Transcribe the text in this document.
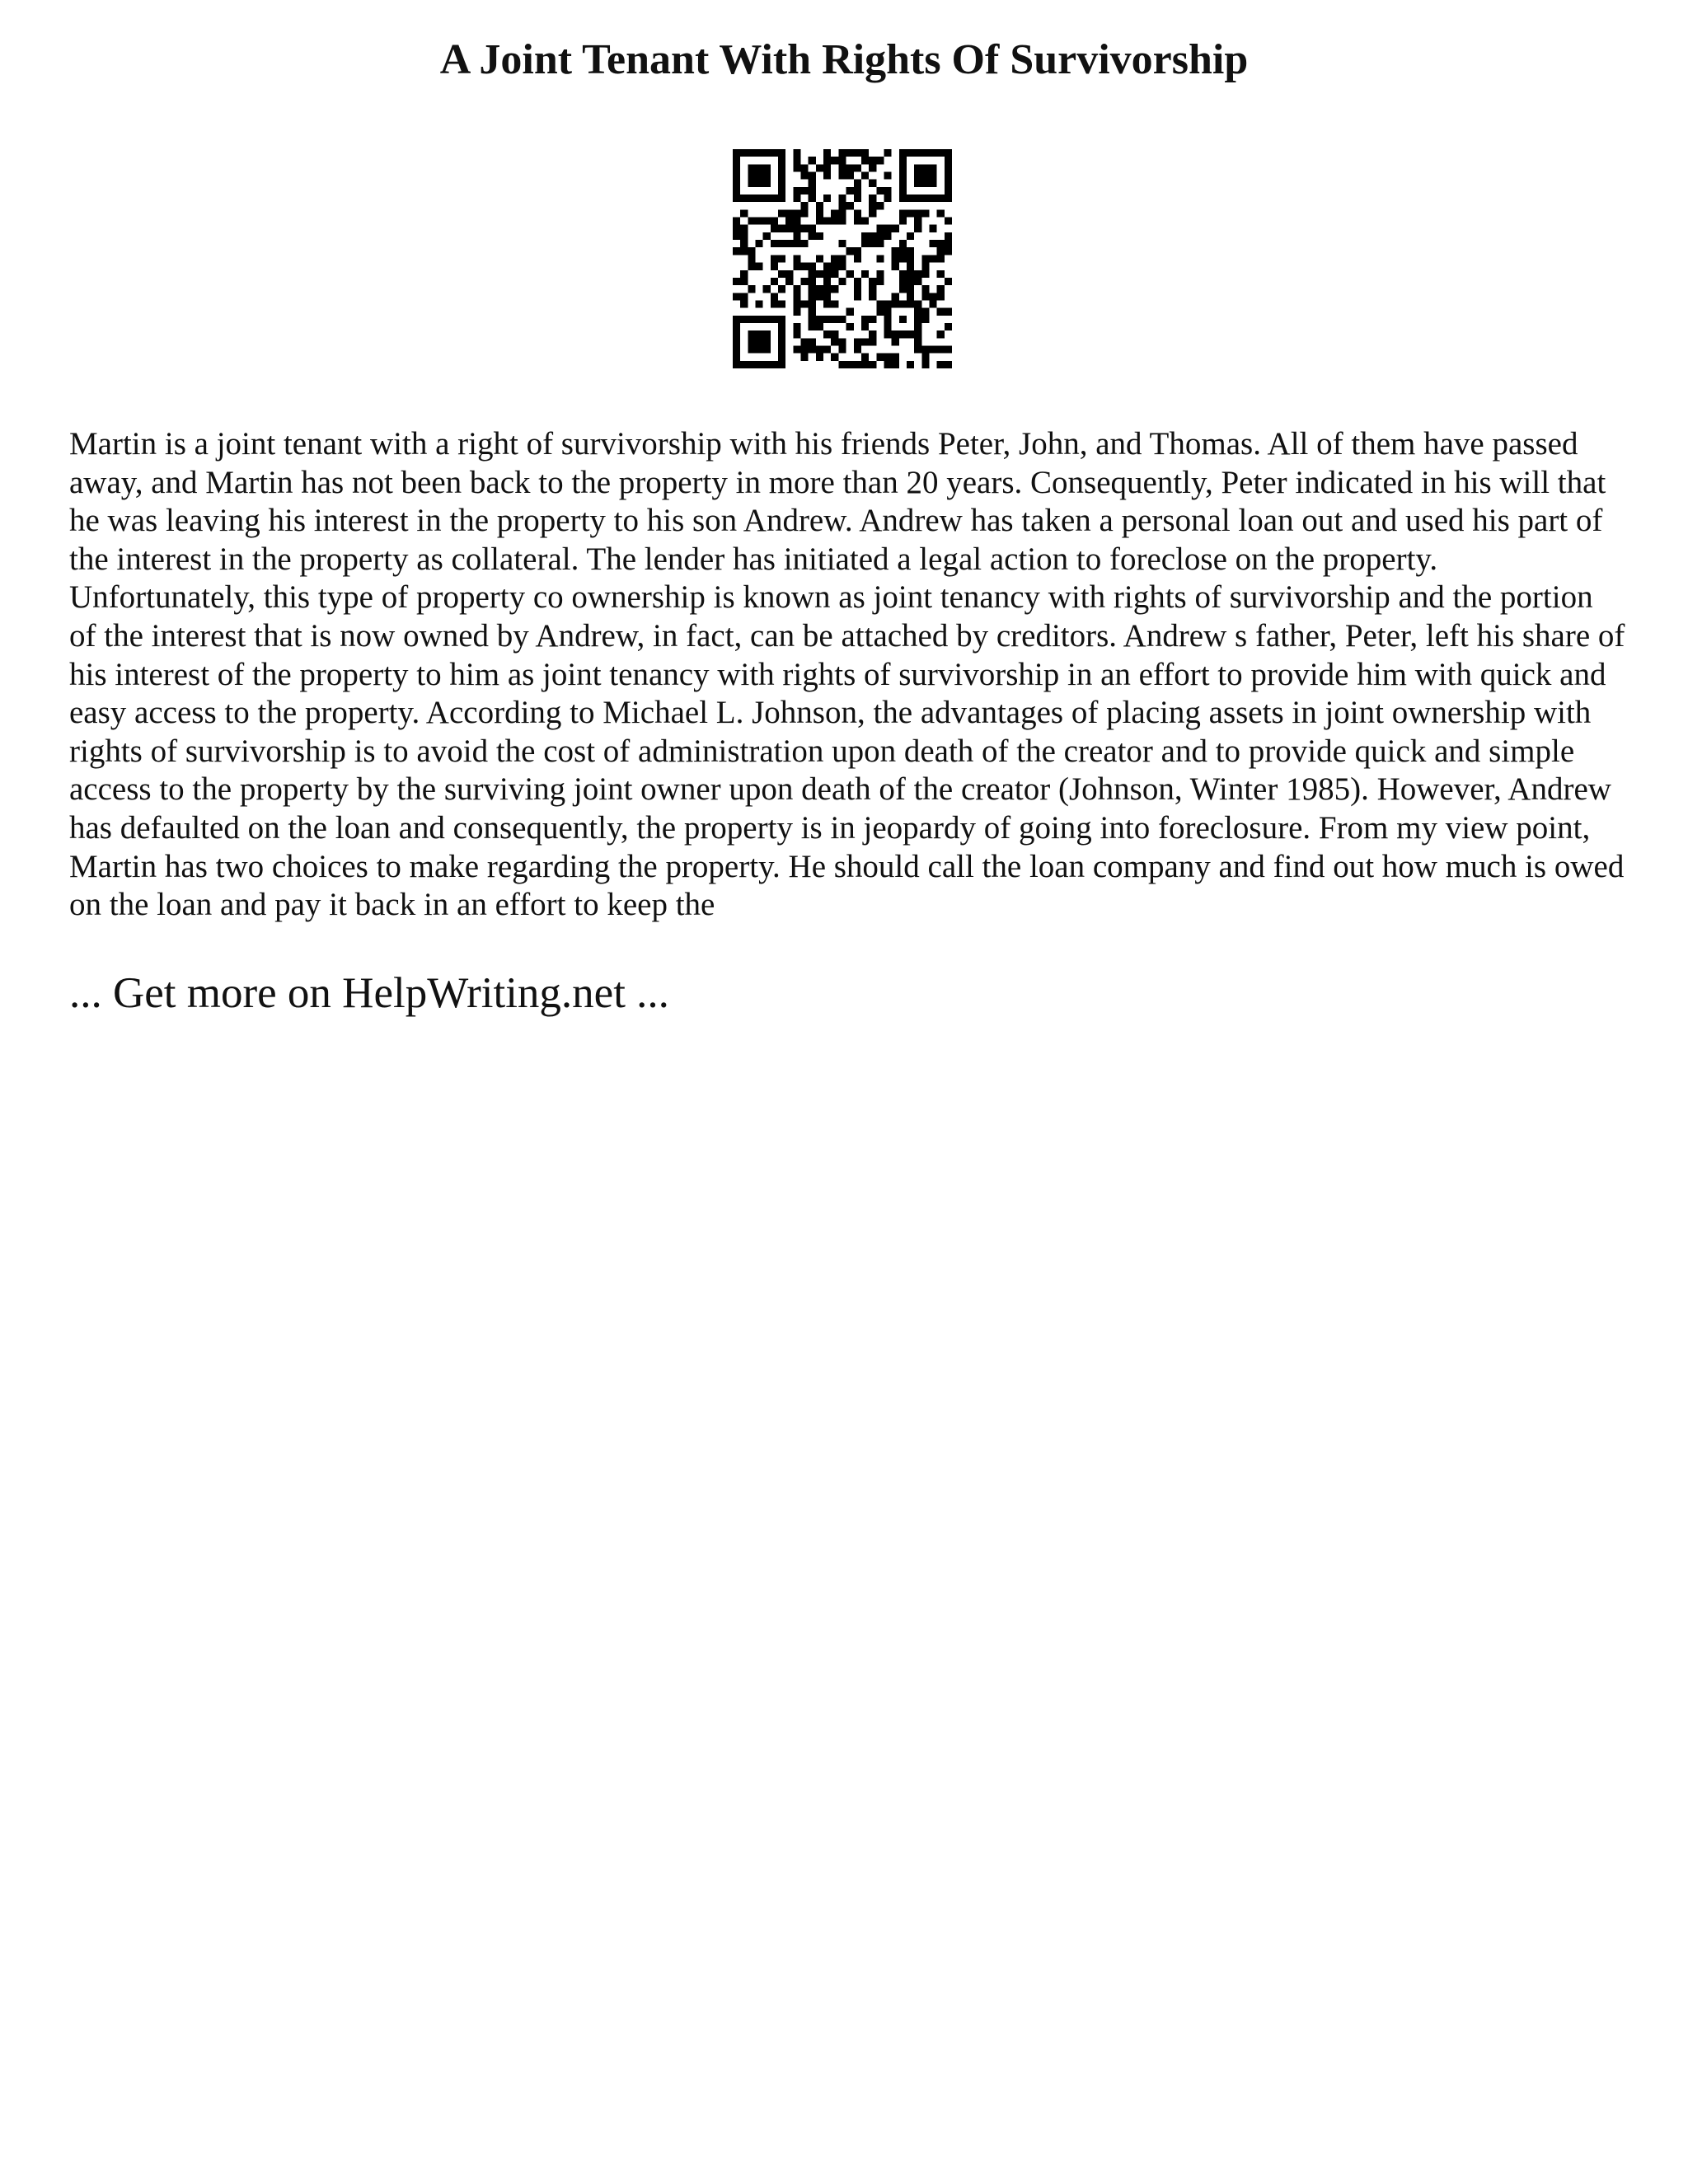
A Joint Tenant With Rights Of Survivorship

Martin is a joint tenant with a right of survivorship with his friends Peter, John, and Thomas. All of them have passed away, and Martin has not been back to the property in more than 20 years. Consequently, Peter indicated in his will that he was leaving his interest in the property to his son Andrew. Andrew has taken a personal loan out and used his part of the interest in the property as collateral. The lender has initiated a legal action to foreclose on the property. Unfortunately, this type of property co ownership is known as joint tenancy with rights of survivorship and the portion of the interest that is now owned by Andrew, in fact, can be attached by creditors. Andrew s father, Peter, left his share of his interest of the property to him as joint tenancy with rights of survivorship in an effort to provide him with quick and easy access to the property. According to Michael L. Johnson, the advantages of placing assets in joint ownership with rights of survivorship is to avoid the cost of administration upon death of the creator and to provide quick and simple access to the property by the surviving joint owner upon death of the creator (Johnson, Winter 1985). However, Andrew has defaulted on the loan and consequently, the property is in jeopardy of going into foreclosure. From my view point, Martin has two choices to make regarding the property. He should call the loan company and find out how much is owed on the loan and pay it back in an effort to keep the

... Get more on HelpWriting.net ...
